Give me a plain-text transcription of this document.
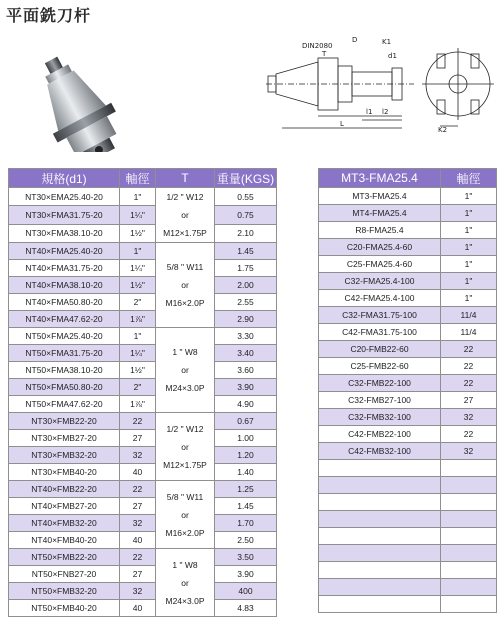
平面銑刀杆
DIN2080
T
D	K1
d1
l1 l2
L
K2
規格(d1)	軸徑	T	重量(KGS)
NT30×EMA25.40-20	1"	1/2 " W12
or
M12×1.75P	0.55
NT30×FMA31.75-20	1¼"		0.75
NT30×FMA38.10-20	1½"		2.10
NT40×FMA25.40-20	1"	5/8 " W11
or
M16×2.0P	1.45
NT40×FMA31.75-20	1¼"		1.75
NT40×FMA38.10-20	1½"		2.00
NT40×FMA50.80-20	2"		2.55
NT40×FMA47.62-20	1⅞"		2.90
NT50×FMA25.40-20	1"	1 " W8
or
M24×3.0P	3.30
NT50×FMA31.75-20	1¼"		3.40
NT50×FMA38.10-20	1½"		3.60
NT50×FMA50.80-20	2"		3.90
NT50×FMA47.62-20	1⅞"		4.90
NT30×FMB22-20	22	1/2 " W12
or
M12×1.75P	0.67
NT30×FMB27-20	27		1.00
NT30×FMB32-20	32		1.20
NT30×FMB40-20	40		1.40
NT40×FMB22-20	22	5/8 " W11
or
M16×2.0P	1.25
NT40×FMB27-20	27		1.45
NT40×FMB32-20	32		1.70
NT40×FMB40-20	40		2.50
NT50×FMB22-20	22	1 " W8
or
M24×3.0P	3.50
NT50×FNB27-20	27		3.90
NT50×FMB32-20	32		400
NT50×FMB40-20	40		4.83
MT3-FMA25.4	軸徑
MT3-FMA25.4	1"
MT4-FMA25.4	1"
R8-FMA25.4	1"
C20-FMA25.4-60	1"
C25-FMA25.4-60	1"
C32-FMA25.4-100	1"
C42-FMA25.4-100	1"
C32-FMA31.75-100	11/4
C42-FMA31.75-100	11/4
C20-FMB22-60	22
C25-FMB22-60	22
C32-FMB22-100	22
C32-FMB27-100	27
C32-FMB32-100	32
C42-FMB22-100	22
C42-FMB32-100	32
